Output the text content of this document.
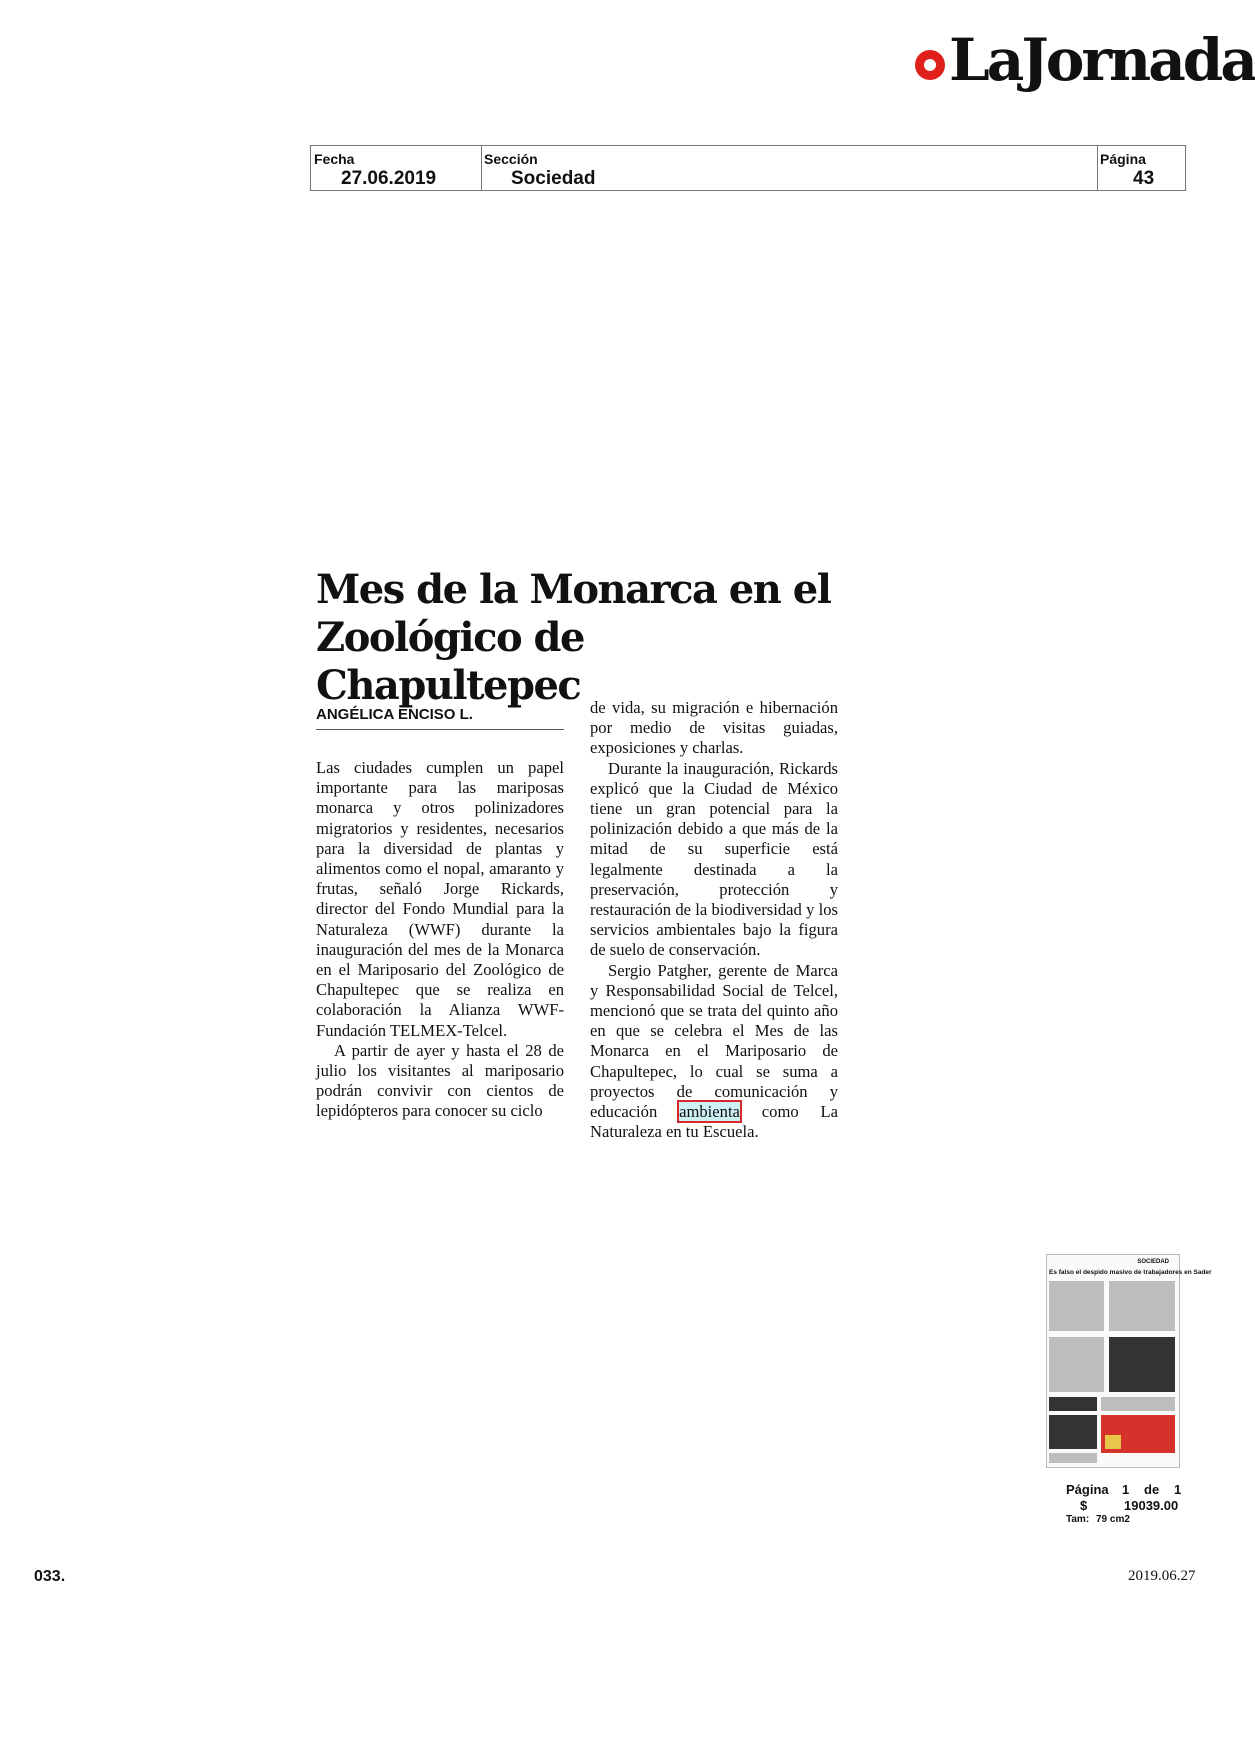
LaJornada
Fecha
27.06.2019
Sección
Sociedad
Página
43
Mes de la Monarca en el Zoológico de Chapultepec
ANGÉLICA ENCISO L.

Las ciudades cumplen un papel importante para las mariposas monarca y otros polinizadores migratorios y residentes, necesarios para la diversidad de plantas y alimentos como el nopal, amaranto y frutas, señaló Jorge Rickards, director del Fondo Mundial para la Naturaleza (WWF) durante la inauguración del mes de la Monarca en el Mariposario del Zoológico de Chapultepec que se realiza en colaboración la Alianza WWF-Fundación TELMEX-Telcel.

A partir de ayer y hasta el 28 de julio los visitantes al mariposario podrán convivir con cientos de lepidópteros para conocer su ciclo

de vida, su migración e hibernación por medio de visitas guiadas, exposiciones y charlas.

Durante la inauguración, Rickards explicó que la Ciudad de México tiene un gran potencial para la polinización debido a que más de la mitad de su superficie está legalmente destinada a la preservación, protección y restauración de la biodiversidad y los servicios ambientales bajo la figura de suelo de conservación.

Sergio Patgher, gerente de Marca y Responsabilidad Social de Telcel, mencionó que se trata del quinto año en que se celebra el Mes de las Monarca en el Mariposario de Chapultepec, lo cual se suma a proyectos de comunicación y educación ambienta como La Naturaleza en tu Escuela.

SOCIEDAD
Es falso el despido masivo de trabajadores en Sader
Página 1 de 1
$	19039.00
Tam: 79 cm2
033.	2019.06.27
